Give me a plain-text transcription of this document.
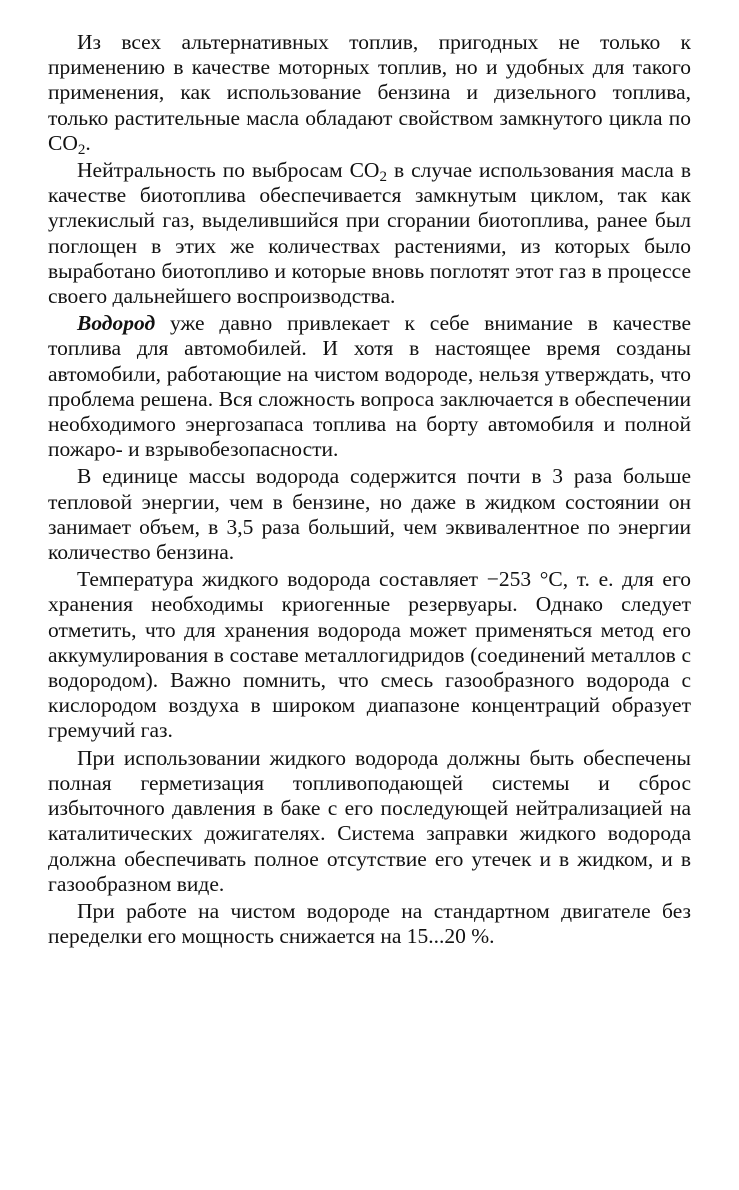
Из всех альтернативных топлив, пригодных не только к применению в качестве моторных топлив, но и удобных для такого применения, как использование бензина и дизельного топлива, только растительные масла обладают свойством замкнутого цикла по $CO_2$.

Нейтральность по выбросам $CO_2$ в случае использования масла в качестве биотоплива обеспечивается замкнутым циклом, так как углекислый газ, выделившийся при сгорании биотоплива, ранее был поглощен в этих же количествах растениями, из которых было выработано биотопливо и которые вновь поглотят этот газ в процессе своего дальнейшего воспроизводства.

Водород уже давно привлекает к себе внимание в качестве топлива для автомобилей. И хотя в настоящее время созданы автомобили, работающие на чистом водороде, нельзя утверждать, что проблема решена. Вся сложность вопроса заключается в обеспечении необходимого энергозапаса топлива на борту автомобиля и полной пожаро- и взрывобезопасности.

В единице массы водорода содержится почти в 3 раза больше тепловой энергии, чем в бензине, но даже в жидком состоянии он занимает объем, в 3,5 раза больший, чем эквивалентное по энергии количество бензина.

Температура жидкого водорода составляет −253 °С, т. е. для его хранения необходимы криогенные резервуары. Однако следует отметить, что для хранения водорода может применяться метод его аккумулирования в составе металлогидридов (соединений металлов с водородом). Важно помнить, что смесь газообразного водорода с кислородом воздуха в широком диапазоне концентраций образует гремучий газ.

При использовании жидкого водорода должны быть обеспечены полная герметизация топливоподающей системы и сброс избыточного давления в баке с его последующей нейтрализацией на каталитических дожигателях. Система заправки жидкого водорода должна обеспечивать полное отсутствие его утечек и в жидком, и в газообразном виде.

При работе на чистом водороде на стандартном двигателе без переделки его мощность снижается на 15...20 %.
